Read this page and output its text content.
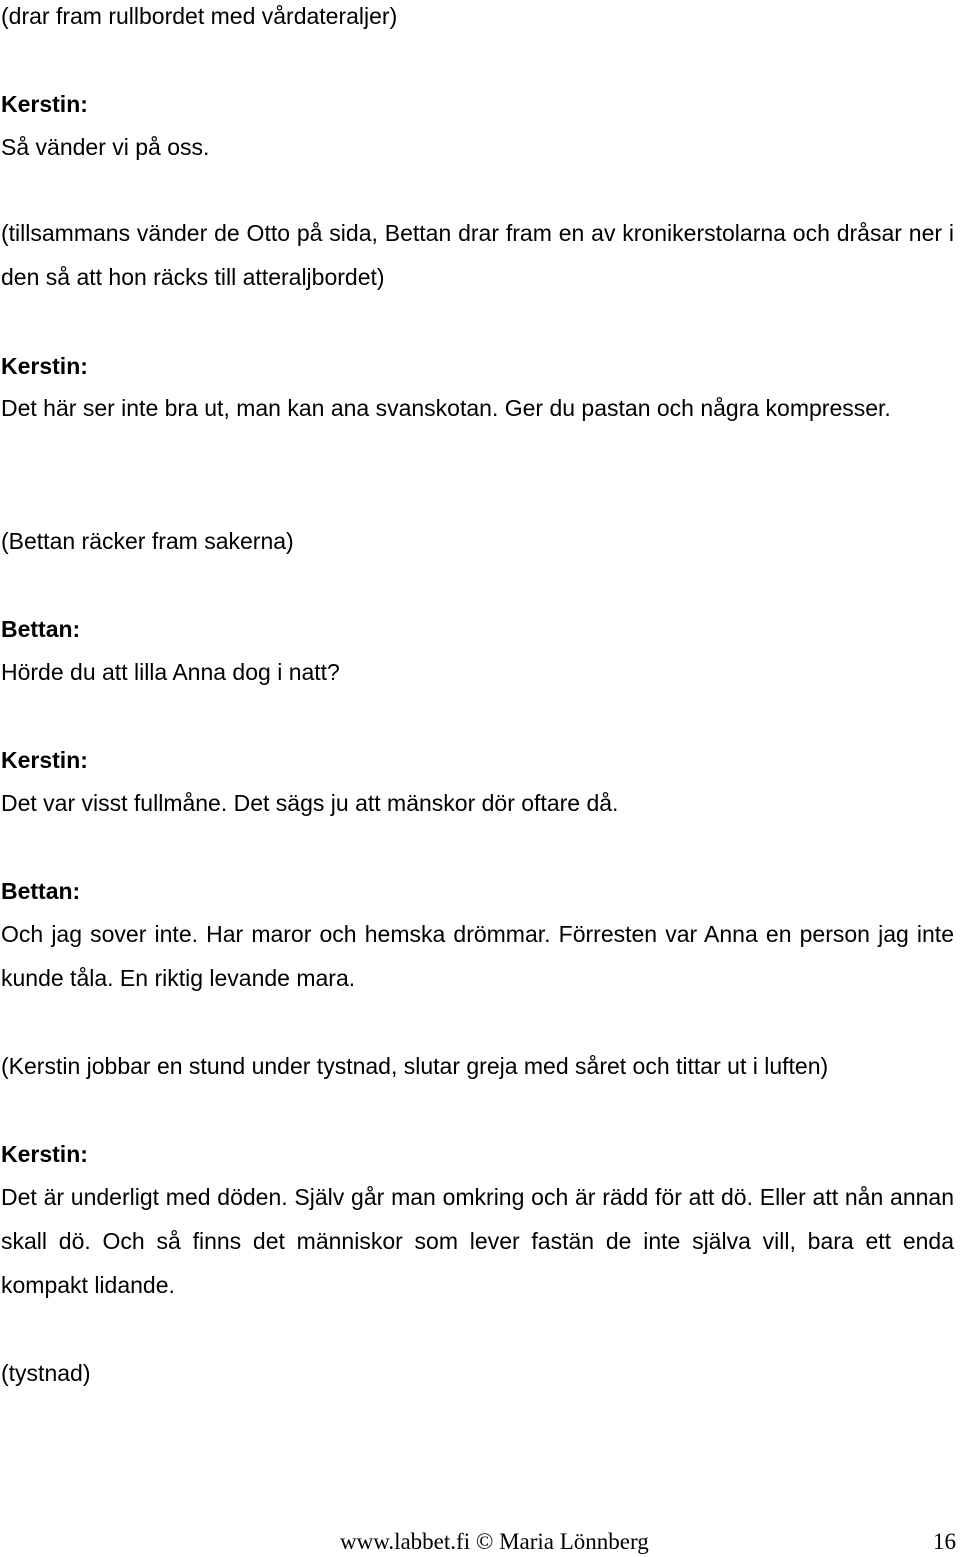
(drar fram rullbordet med vårdateraljer)

Kerstin:

Så vänder vi på oss.

(tillsammans vänder de Otto på sida, Bettan drar fram en av kronikerstolarna och dråsar ner i den så att hon räcks till atteraljbordet)

Kerstin:

Det här ser inte bra ut, man kan ana svanskotan. Ger du pastan och några kompresser.

(Bettan räcker fram sakerna)

Bettan:

Hörde du att lilla Anna dog i natt?

Kerstin:

Det var visst fullmåne. Det sägs ju att mänskor dör oftare då.

Bettan:

Och jag sover inte. Har maror och hemska drömmar. Förresten var Anna en person jag inte kunde tåla. En riktig levande mara.

(Kerstin jobbar en stund under tystnad, slutar greja med såret och tittar ut i luften)

Kerstin:

Det är underligt med döden. Själv går man omkring och är rädd för att dö. Eller att nån annan skall dö. Och så finns det människor som lever fastän de inte själva vill, bara ett enda kompakt lidande.

(tystnad)

www.labbet.fi © Maria Lönnberg	16
